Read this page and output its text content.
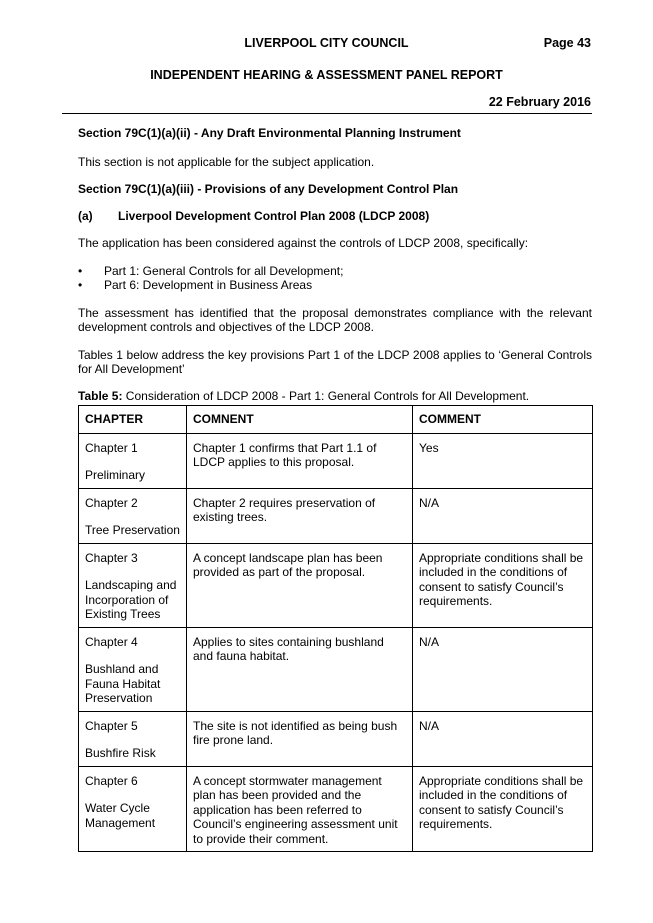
LIVERPOOL CITY COUNCIL	Page 43
INDEPENDENT HEARING & ASSESSMENT PANEL REPORT
22 February 2016

Section 79C(1)(a)(ii) - Any Draft Environmental Planning Instrument

This section is not applicable for the subject application.

Section 79C(1)(a)(iii) - Provisions of any Development Control Plan

(a)	Liverpool Development Control Plan 2008 (LDCP 2008)

The application has been considered against the controls of LDCP 2008, specifically:

• Part 1: General Controls for all Development;
• Part 6: Development in Business Areas

The assessment has identified that the proposal demonstrates compliance with the relevant development controls and objectives of the LDCP 2008.

Tables 1 below address the key provisions Part 1 of the LDCP 2008 applies to ‘General Controls for All Development’

Table 5: Consideration of LDCP 2008 - Part 1: General Controls for All Development.

CHAPTER	COMNENT	COMMENT

Chapter 1
Preliminary	Chapter 1 confirms that Part 1.1 of LDCP applies to this proposal.	Yes

Chapter 2
Tree Preservation	Chapter 2 requires preservation of existing trees.	N/A

Chapter 3
Landscaping and Incorporation of Existing Trees	A concept landscape plan has been provided as part of the proposal.	Appropriate conditions shall be included in the conditions of consent to satisfy Council’s requirements.

Chapter 4
Bushland and Fauna Habitat Preservation	Applies to sites containing bushland and fauna habitat.	N/A

Chapter 5
Bushfire Risk	The site is not identified as being bush fire prone land.	N/A

Chapter 6
Water Cycle Management	A concept stormwater management plan has been provided and the application has been referred to Council’s engineering assessment unit to provide their comment.	Appropriate conditions shall be included in the conditions of consent to satisfy Council’s requirements.
